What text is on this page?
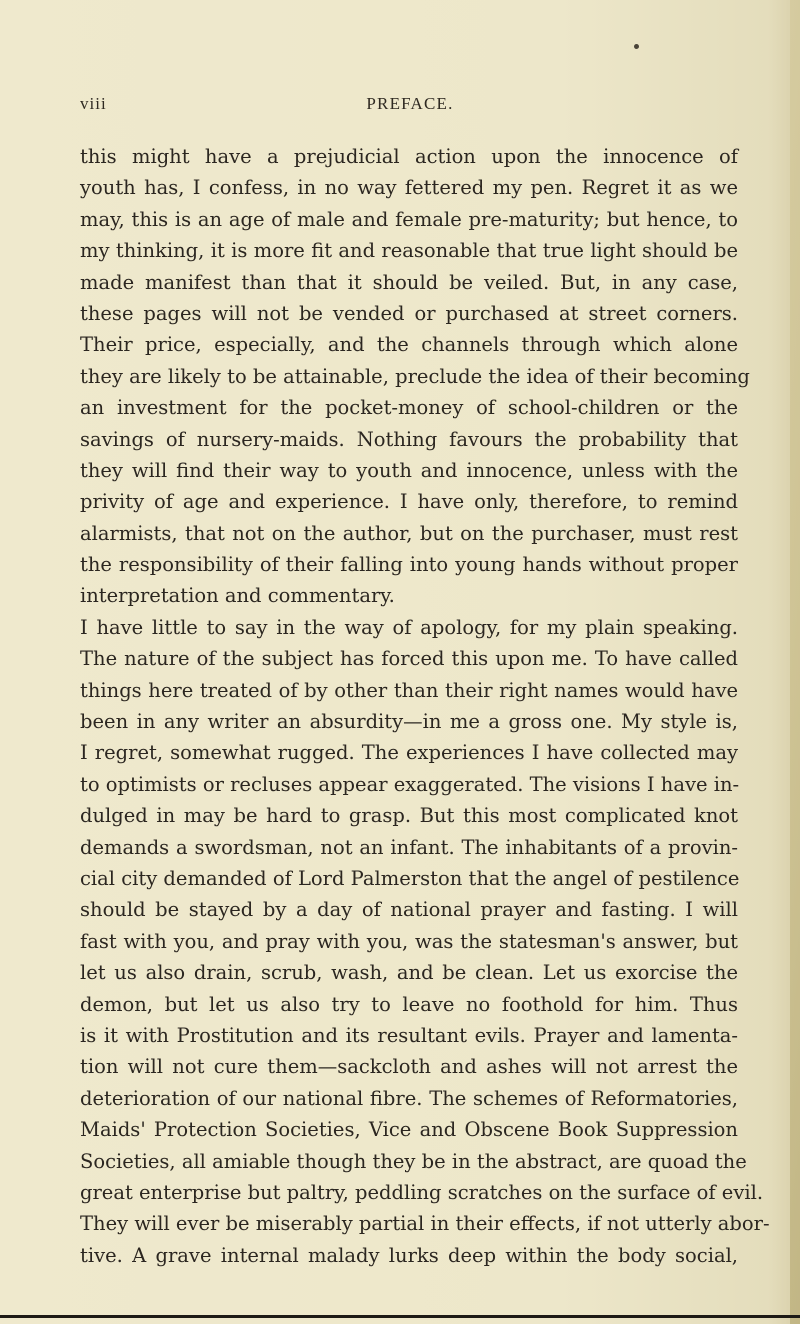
viii	PREFACE.
this might have a prejudicial action upon the innocence of
youth has, I confess, in no way fettered my pen. Regret it as we
may, this is an age of male and female pre-maturity; but hence, to
my thinking, it is more fit and reasonable that true light should be
made manifest than that it should be veiled. But, in any case,
these pages will not be vended or purchased at street corners.
Their price, especially, and the channels through which alone
they are likely to be attainable, preclude the idea of their becoming
an investment for the pocket-money of school-children or the
savings of nursery-maids. Nothing favours the probability that
they will find their way to youth and innocence, unless with the
privity of age and experience. I have only, therefore, to remind
alarmists, that not on the author, but on the purchaser, must rest
the responsibility of their falling into young hands without proper
interpretation and commentary.
I have little to say in the way of apology, for my plain speaking.
The nature of the subject has forced this upon me. To have called
things here treated of by other than their right names would have
been in any writer an absurdity—in me a gross one. My style is,
I regret, somewhat rugged. The experiences I have collected may
to optimists or recluses appear exaggerated. The visions I have in-
dulged in may be hard to grasp. But this most complicated knot
demands a swordsman, not an infant. The inhabitants of a provin-
cial city demanded of Lord Palmerston that the angel of pestilence
should be stayed by a day of national prayer and fasting. I will
fast with you, and pray with you, was the statesman's answer, but
let us also drain, scrub, wash, and be clean. Let us exorcise the
demon, but let us also try to leave no foothold for him. Thus
is it with Prostitution and its resultant evils. Prayer and lamenta-
tion will not cure them—sackcloth and ashes will not arrest the
deterioration of our national fibre. The schemes of Reformatories,
Maids' Protection Societies, Vice and Obscene Book Suppression
Societies, all amiable though they be in the abstract, are quoad the
great enterprise but paltry, peddling scratches on the surface of evil.
They will ever be miserably partial in their effects, if not utterly abor-
tive. A grave internal malady lurks deep within the body social,
